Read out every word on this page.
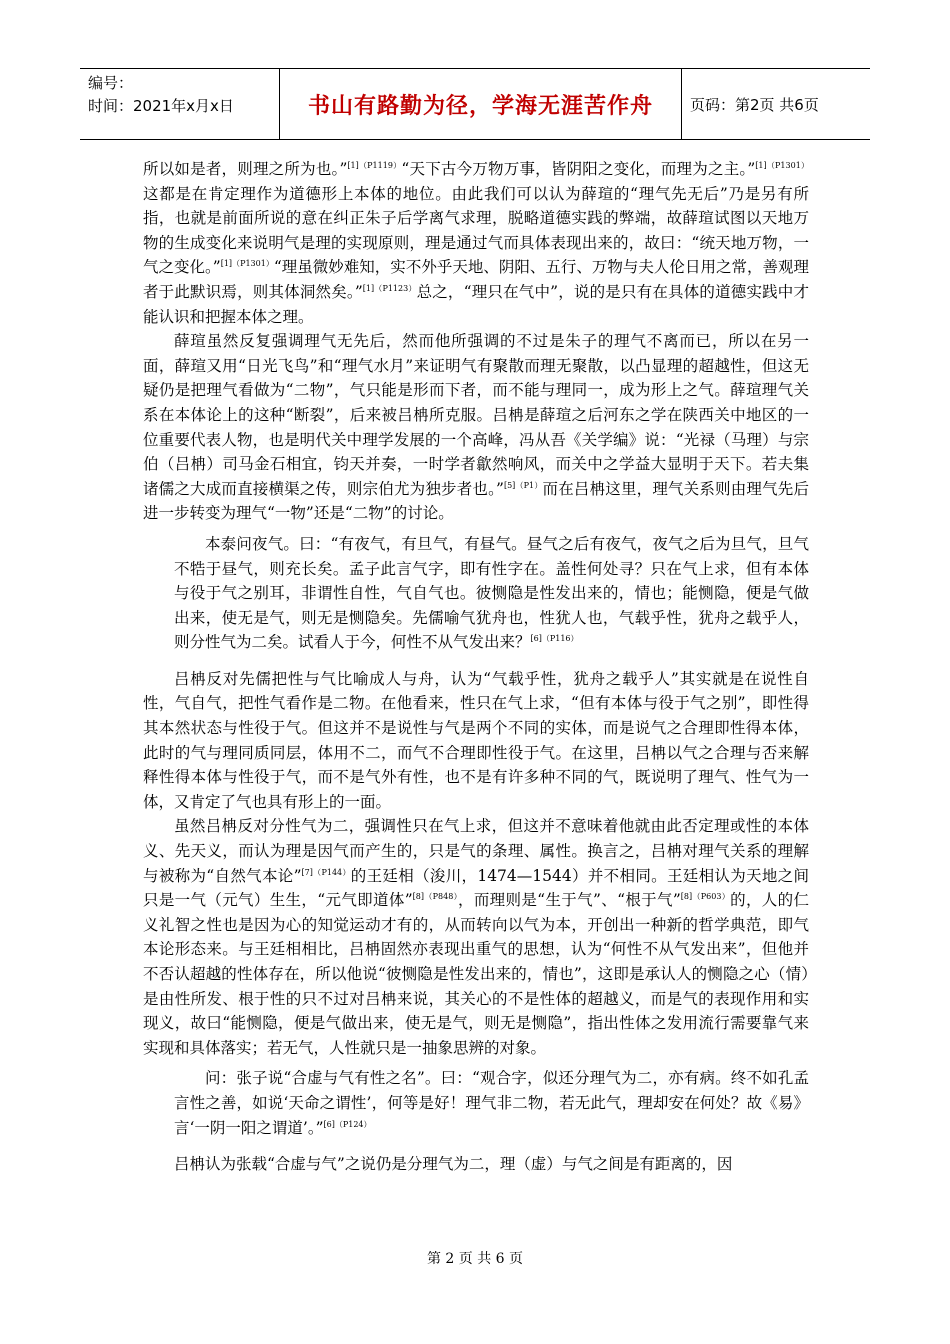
编号：
时间：2021年x月x日	书山有路勤为径，学海无涯苦作舟	页码：第2页 共6页

所以如是者，则理之所为也。”$^{[1](P1119)}$“天下古今万物万事，皆阴阳之变化，而理为之主。”$^{[1](P1301)}$这都是在肯定理作为道德形上本体的地位。由此我们可以认为薛瑄的“理气先无后”乃是另有所指，也就是前面所说的意在纠正朱子后学离气求理，脱略道德实践的弊端，故薛瑄试图以天地万物的生成变化来说明气是理的实现原则，理是通过气而具体表现出来的，故曰：“统天地万物，一气之变化。”$^{[1](P1301)}$“理虽微妙难知，实不外乎天地、阴阳、五行、万物与夫人伦日用之常，善观理者于此默识焉，则其体洞然矣。”$^{[1](P1123)}$总之，“理只在气中”，说的是只有在具体的道德实践中才能认识和把握本体之理。

薛瑄虽然反复强调理气无先后，然而他所强调的不过是朱子的理气不离而已，所以在另一面，薛瑄又用“日光飞鸟”和“理气水月”来证明气有聚散而理无聚散，以凸显理的超越性，但这无疑仍是把理气看做为“二物”，气只能是形而下者，而不能与理同一，成为形上之气。薛瑄理气关系在本体论上的这种“断裂”，后来被吕柟所克服。吕柟是薛瑄之后河东之学在陕西关中地区的一位重要代表人物，也是明代关中理学发展的一个高峰，冯从吾《关学编》说：“光禄（马理）与宗伯（吕柟）司马金石相宜，钧天并奏，一时学者歙然响风，而关中之学益大显明于天下。若夫集诸儒之大成而直接横渠之传，则宗伯尤为独步者也。”$^{[5](P1)}$而在吕柟这里，理气关系则由理气先后进一步转变为理气“一物”还是“二物”的讨论。

本泰问夜气。曰：“有夜气，有旦气，有昼气。昼气之后有夜气，夜气之后为旦气，旦气不牿于昼气，则充长矣。孟子此言气字，即有性字在。盖性何处寻？只在气上求，但有本体与役于气之别耳，非谓性自性，气自气也。彼恻隐是性发出来的，情也；能恻隐，便是气做出来，使无是气，则无是恻隐矣。先儒喻气犹舟也，性犹人也，气载乎性，犹舟之载乎人，则分性气为二矣。试看人于今，何性不从气发出来？$^{[6](P116)}$

吕柟反对先儒把性与气比喻成人与舟，认为“气载乎性，犹舟之载乎人”其实就是在说性自性，气自气，把性气看作是二物。在他看来，性只在气上求，“但有本体与役于气之别”，即性得其本然状态与性役于气。但这并不是说性与气是两个不同的实体，而是说气之合理即性得本体，此时的气与理同质同层，体用不二，而气不合理即性役于气。在这里，吕柟以气之合理与否来解释性得本体与性役于气，而不是气外有性，也不是有许多种不同的气，既说明了理气、性气为一体，又肯定了气也具有形上的一面。

虽然吕柟反对分性气为二，强调性只在气上求，但这并不意味着他就由此否定理或性的本体义、先天义，而认为理是因气而产生的，只是气的条理、属性。换言之，吕柟对理气关系的理解与被称为“自然气本论”$^{[7](P144)}$的王廷相（浚川，1474—1544）并不相同。王廷相认为天地之间只是一气（元气）生生，“元气即道体”$^{[8](P848)}$，而理则是“生于气”、“根于气”$^{[8](P603)}$的，人的仁义礼智之性也是因为心的知觉运动才有的，从而转向以气为本，开创出一种新的哲学典范，即气本论形态来。与王廷相相比，吕柟固然亦表现出重气的思想，认为“何性不从气发出来”，但他并不否认超越的性体存在，所以他说“彼恻隐是性发出来的，情也”，这即是承认人的恻隐之心（情）是由性所发、根于性的只不过对吕柟来说，其关心的不是性体的超越义，而是气的表现作用和实现义，故曰“能恻隐，便是气做出来，使无是气，则无是恻隐”，指出性体之发用流行需要靠气来实现和具体落实；若无气，人性就只是一抽象思辨的对象。

问：张子说“合虚与气有性之名”。曰：“观合字，似还分理气为二，亦有病。终不如孔孟言性之善，如说‘天命之谓性’，何等是好！理气非二物，若无此气，理却安在何处？故《易》言‘一阴一阳之谓道’。”$^{[6](P124)}$

吕柟认为张载“合虚与气”之说仍是分理气为二，理（虚）与气之间是有距离的，因

第 2 页 共 6 页
